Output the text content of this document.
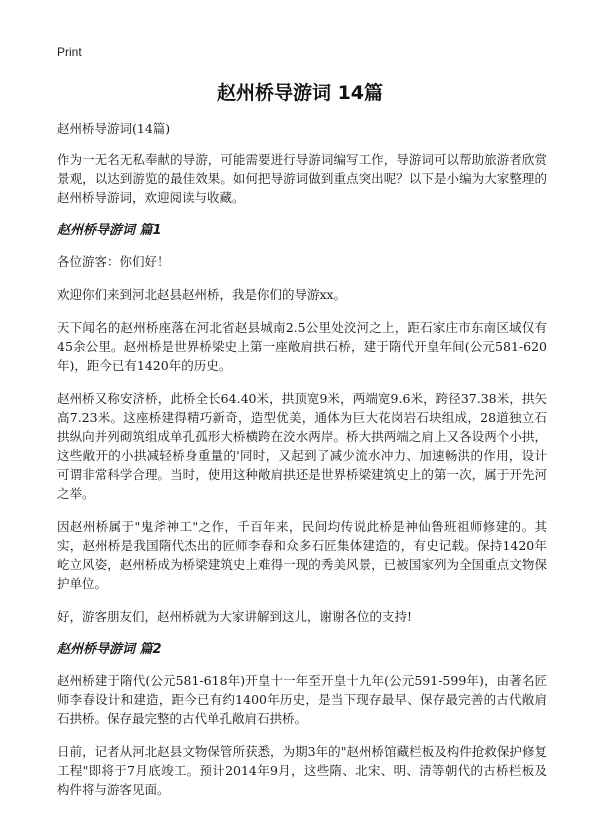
Print
赵州桥导游词 14篇

赵州桥导游词(14篇)

作为一无名无私奉献的导游，可能需要进行导游词编写工作，导游词可以帮助旅游者欣赏景观，以达到游览的最佳效果。如何把导游词做到重点突出呢？以下是小编为大家整理的赵州桥导游词，欢迎阅读与收藏。

赵州桥导游词 篇1

各位游客：你们好！

欢迎你们来到河北赵县赵州桥，我是你们的导游xx。

天下闻名的赵州桥座落在河北省赵县城南2.5公里处洨河之上，距石家庄市东南区域仅有45余公里。赵州桥是世界桥梁史上第一座敞肩拱石桥，建于隋代开皇年间(公元581-620年)，距今已有1420年的历史。

赵州桥又称安济桥，此桥全长64.40米，拱顶宽9米，两端宽9.6米，跨径37.38米，拱矢高7.23米。这座桥建得精巧新奇，造型优美，通体为巨大花岗岩石块组成，28道独立石拱纵向并列砌筑组成单孔孤形大桥横跨在洨水两岸。桥大拱两端之肩上又各设两个小拱，这些敞开的小拱减轻桥身重量的'同时，又起到了减少流水冲力、加速畅洪的作用，设计可谓非常科学合理。当时，使用这种敞肩拱还是世界桥梁建筑史上的第一次，属于开先河之举。

因赵州桥属于"鬼斧神工"之作，千百年来，民间均传说此桥是神仙鲁班祖师修建的。其实，赵州桥是我国隋代杰出的匠师李春和众多石匠集体建造的，有史记载。保持1420年屹立风姿，赵州桥成为桥梁建筑史上难得一现的秀美风景，已被国家列为全国重点文物保护单位。

好，游客朋友们，赵州桥就为大家讲解到这儿，谢谢各位的支持!

赵州桥导游词 篇2

赵州桥建于隋代(公元581-618年)开皇十一年至开皇十九年(公元591-599年)，由著名匠师李春设计和建造，距今已有约1400年历史，是当下现存最早、保存最完善的古代敞肩石拱桥。保存最完整的古代单孔敞肩石拱桥。

日前，记者从河北赵县文物保管所获悉，为期3年的"赵州桥馆藏栏板及构件抢救保护修复工程"即将于7月底竣工。预计2014年9月，这些隋、北宋、明、清等朝代的古桥栏板及构件将与游客见面。
